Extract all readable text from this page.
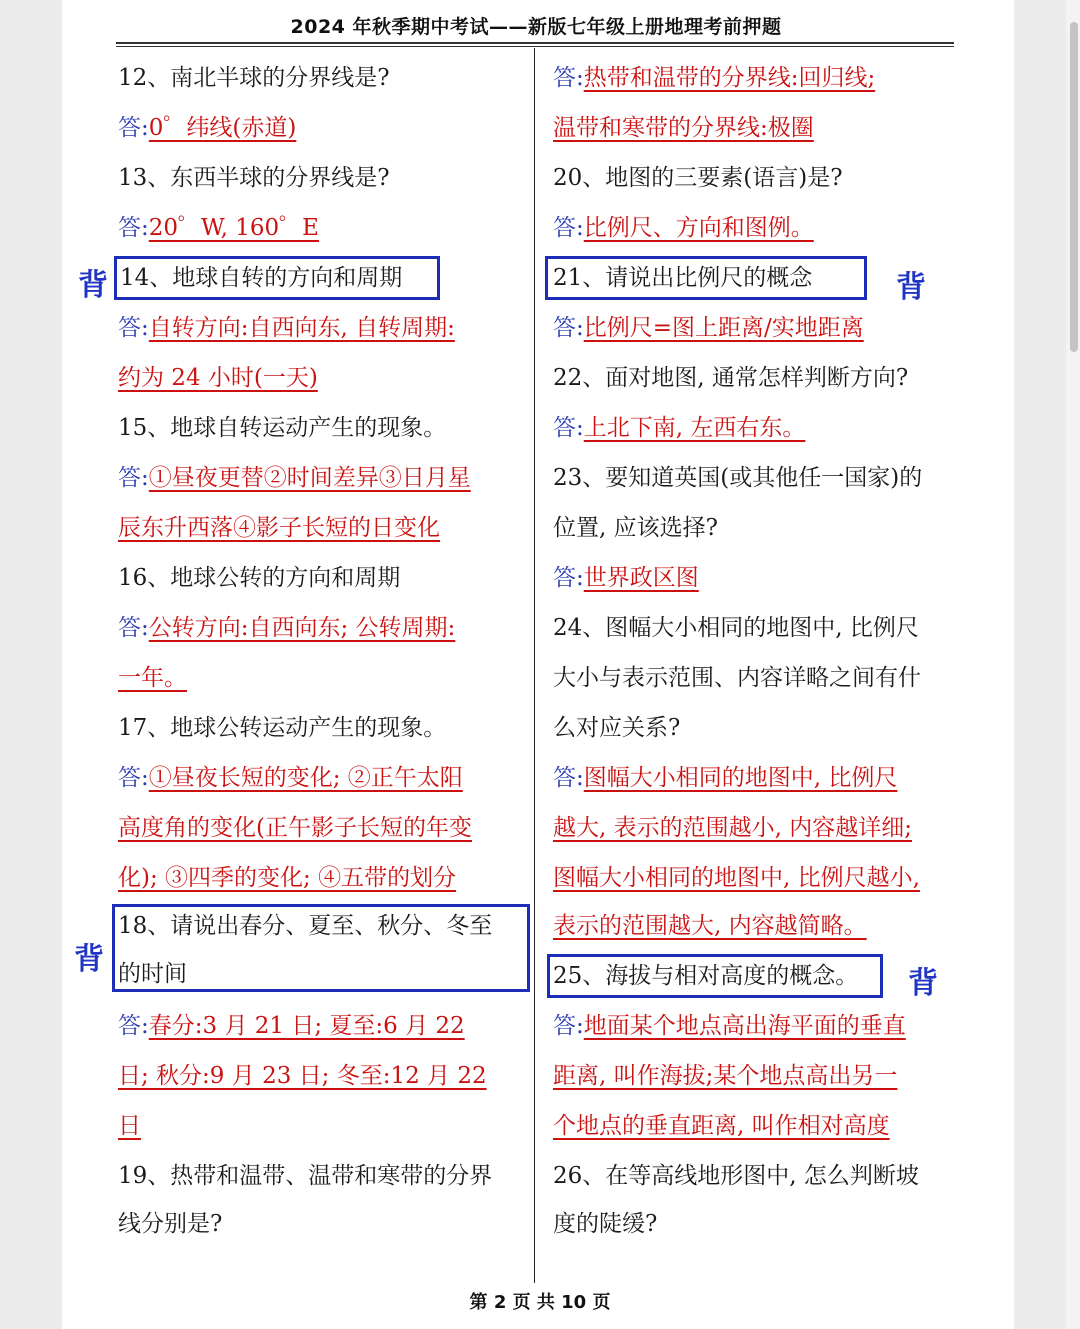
2024 年秋季期中考试——新版七年级上册地理考前押题
12、南北半球的分界线是?
答:0゜纬线(赤道)
13、东西半球的分界线是?
答:20゜W, 160゜E
背 14、地球自转的方向和周期
答:自转方向:自西向东, 自转周期:
约为 24 小时(一天)
15、地球自转运动产生的现象。
答:①昼夜更替②时间差异③日月星
辰东升西落④影子长短的日变化
16、地球公转的方向和周期
答:公转方向:自西向东; 公转周期:
一年。
17、地球公转运动产生的现象。
答:①昼夜长短的变化; ②正午太阳
高度角的变化(正午影子长短的年变
化); ③四季的变化; ④五带的划分
背
18、请说出春分、夏至、秋分、冬至
的时间
答:春分:3 月 21 日; 夏至:6 月 22
日; 秋分:9 月 23 日; 冬至:12 月 22
日
19、热带和温带、温带和寒带的分界
线分别是?
答:热带和温带的分界线:回归线;
温带和寒带的分界线:极圈
20、地图的三要素(语言)是?
答:比例尺、方向和图例。
21、请说出比例尺的概念	背
答:比例尺=图上距离/实地距离
22、面对地图, 通常怎样判断方向?
答:上北下南, 左西右东。
23、要知道英国(或其他任一国家)的
位置, 应该选择?
答:世界政区图
24、图幅大小相同的地图中, 比例尺
大小与表示范围、内容详略之间有什
么对应关系?
答:图幅大小相同的地图中, 比例尺
越大, 表示的范围越小, 内容越详细;
图幅大小相同的地图中, 比例尺越小,
表示的范围越大, 内容越简略。
25、海拔与相对高度的概念。 背
答:地面某个地点高出海平面的垂直
距离, 叫作海拔;某个地点高出另一
个地点的垂直距离, 叫作相对高度
26、在等高线地形图中, 怎么判断坡
度的陡缓?
第 2 页 共 10 页
